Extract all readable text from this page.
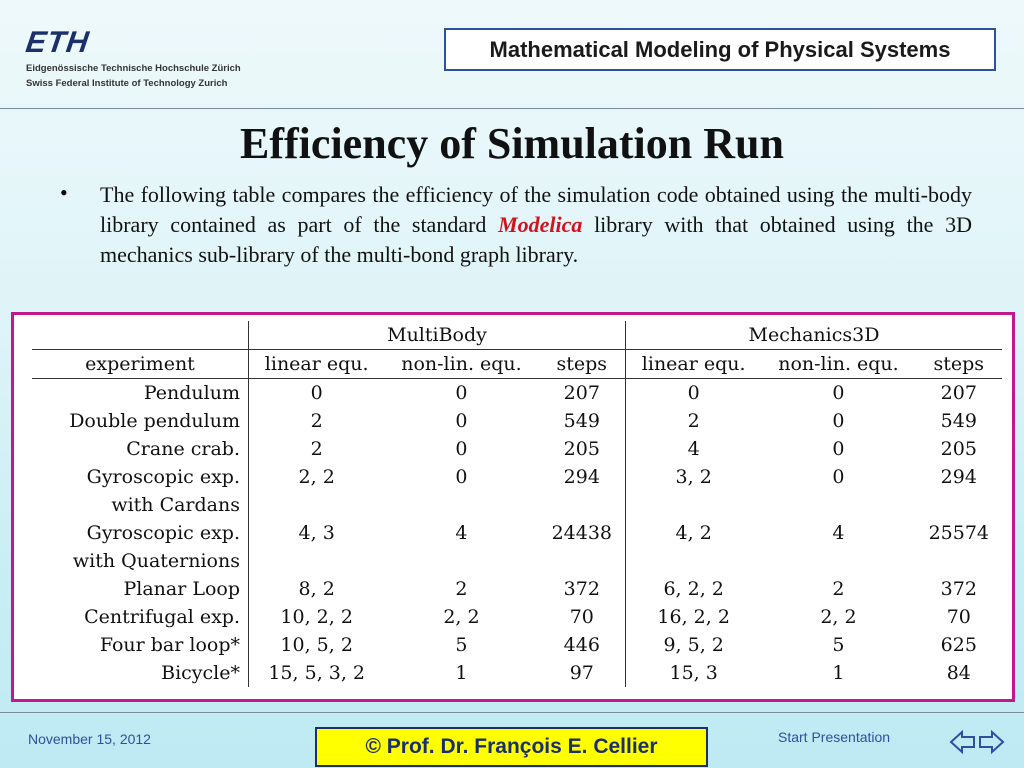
ETH
Eidgenössische Technische Hochschule Zürich
Swiss Federal Institute of Technology Zurich
Mathematical Modeling of Physical Systems
Efficiency of Simulation Run
• The following table compares the efficiency of the simulation code obtained using the multi-body library contained as part of the standard Modelica library with that obtained using the 3D mechanics sub-library of the multi-bond graph library.
	MultiBody			Mechanics3D		
experiment	linear equ.	non-lin. equ.	steps	linear equ.	non-lin. equ.	steps
Pendulum	0	0	207	0	0	207
Double pendulum	2	0	549	2	0	549
Crane crab.	2	0	205	4	0	205
Gyroscopic exp.	2, 2	0	294	3, 2	0	294
with Cardans						
Gyroscopic exp.	4, 3	4	24438	4, 2	4	25574
with Quaternions						
Planar Loop	8, 2	2	372	6, 2, 2	2	372
Centrifugal exp.	10, 2, 2	2, 2	70	16, 2, 2	2, 2	70
Four bar loop*	10, 5, 2	5	446	9, 5, 2	5	625
Bicycle*	15, 5, 3, 2	1	97	15, 3	1	84
November 15, 2012	© Prof. Dr. François E. Cellier	Start Presentation
